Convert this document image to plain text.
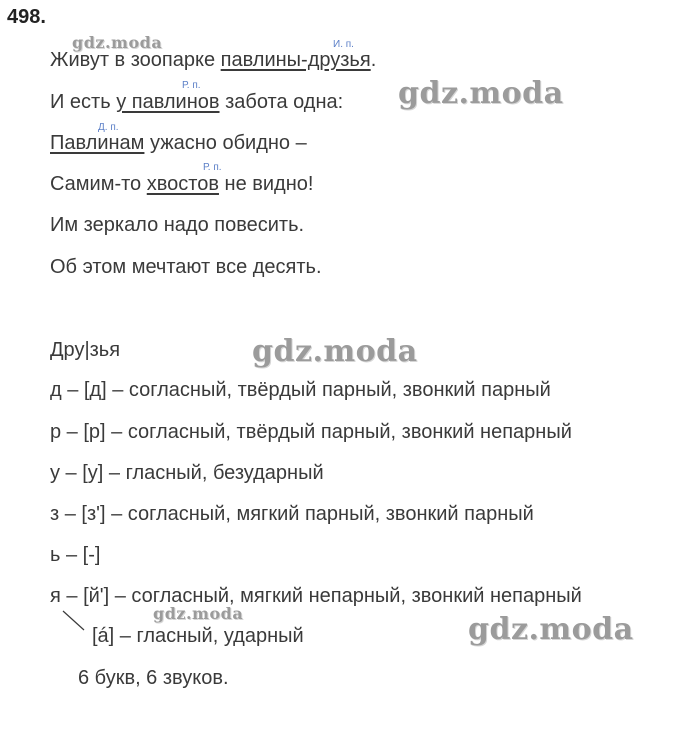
498.
gdz.moda
gdz.moda
gdz.moda
gdz.moda	gdz.moda
И. п.
Р. п.
Д. п.
Р. п.
Живут в зоопарке павлины-друзья.
И есть у павлинов забота одна:
Павлинам ужасно обидно –
Самим-то хвостов не видно!
Им зеркало надо повесить.
Об этом мечтают все десять.
Дру|зья
д – [д] – согласный, твёрдый парный, звонкий парный
р – [р] – согласный, твёрдый парный, звонкий непарный
у – [у] – гласный, безударный
з – [з'] – согласный, мягкий парный, звонкий парный
ь – [-]
я – [й'] – согласный, мягкий непарный, звонкий непарный
[á] – гласный, ударный
6 букв, 6 звуков.
